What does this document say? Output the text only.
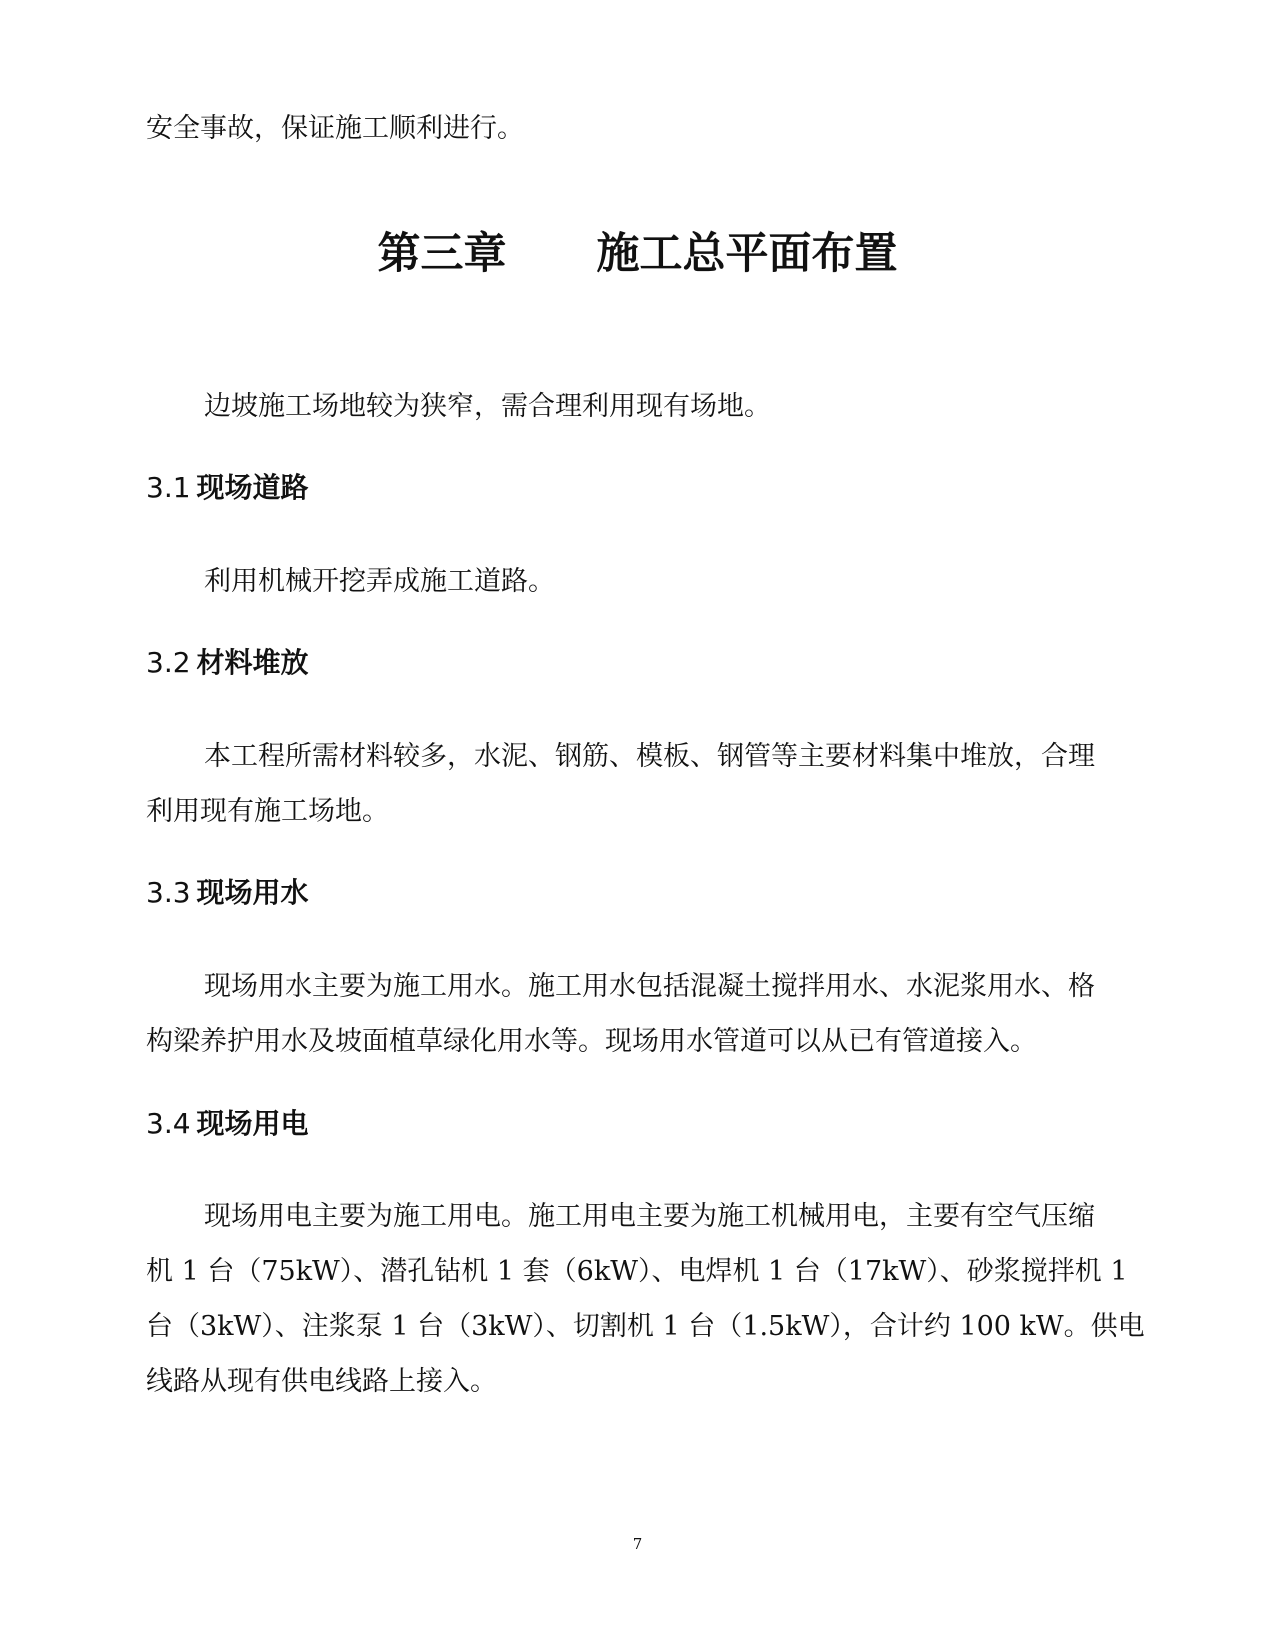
安全事故，保证施工顺利进行。
第三章 施工总平面布置
边坡施工场地较为狭窄，需合理利用现有场地。
3.1 现场道路
利用机械开挖弄成施工道路。
3.2 材料堆放
本工程所需材料较多，水泥、钢筋、模板、钢管等主要材料集中堆放，合理
利用现有施工场地。
3.3 现场用水
现场用水主要为施工用水。施工用水包括混凝土搅拌用水、水泥浆用水、格
构梁养护用水及坡面植草绿化用水等。现场用水管道可以从已有管道接入。
3.4 现场用电
现场用电主要为施工用电。施工用电主要为施工机械用电，主要有空气压缩
机 1 台（75kW）、潜孔钻机 1 套（6kW）、电焊机 1 台（17kW）、砂浆搅拌机 1
台（3kW）、注浆泵 1 台（3kW）、切割机 1 台（1.5kW），合计约 100 kW。供电
线路从现有供电线路上接入。
7
